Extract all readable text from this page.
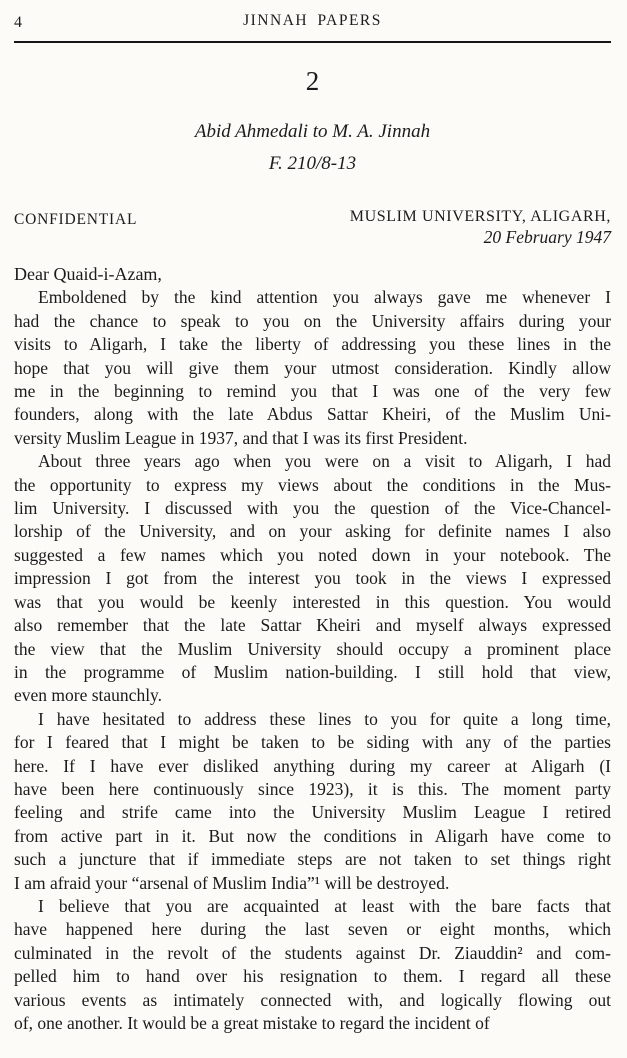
4	JINNAH PAPERS
2
Abid Ahmedali to M. A. Jinnah
F. 210/8-13
CONFIDENTIAL	MUSLIM UNIVERSITY, ALIGARH,
20 February 1947
Dear Quaid-i-Azam,
Emboldened by the kind attention you always gave me whenever I
had the chance to speak to you on the University affairs during your
visits to Aligarh, I take the liberty of addressing you these lines in the
hope that you will give them your utmost consideration. Kindly allow
me in the beginning to remind you that I was one of the very few
founders, along with the late Abdus Sattar Kheiri, of the Muslim Uni-
versity Muslim League in 1937, and that I was its first President.
About three years ago when you were on a visit to Aligarh, I had
the opportunity to express my views about the conditions in the Mus-
lim University. I discussed with you the question of the Vice-Chancel-
lorship of the University, and on your asking for definite names I also
suggested a few names which you noted down in your notebook. The
impression I got from the interest you took in the views I expressed
was that you would be keenly interested in this question. You would
also remember that the late Sattar Kheiri and myself always expressed
the view that the Muslim University should occupy a prominent place
in the programme of Muslim nation-building. I still hold that view,
even more staunchly.
I have hesitated to address these lines to you for quite a long time,
for I feared that I might be taken to be siding with any of the parties
here. If I have ever disliked anything during my career at Aligarh (I
have been here continuously since 1923), it is this. The moment party
feeling and strife came into the University Muslim League I retired
from active part in it. But now the conditions in Aligarh have come to
such a juncture that if immediate steps are not taken to set things right
I am afraid your “arsenal of Muslim India”¹ will be destroyed.
I believe that you are acquainted at least with the bare facts that
have happened here during the last seven or eight months, which
culminated in the revolt of the students against Dr. Ziauddin² and com-
pelled him to hand over his resignation to them. I regard all these
various events as intimately connected with, and logically flowing out
of, one another. It would be a great mistake to regard the incident of
